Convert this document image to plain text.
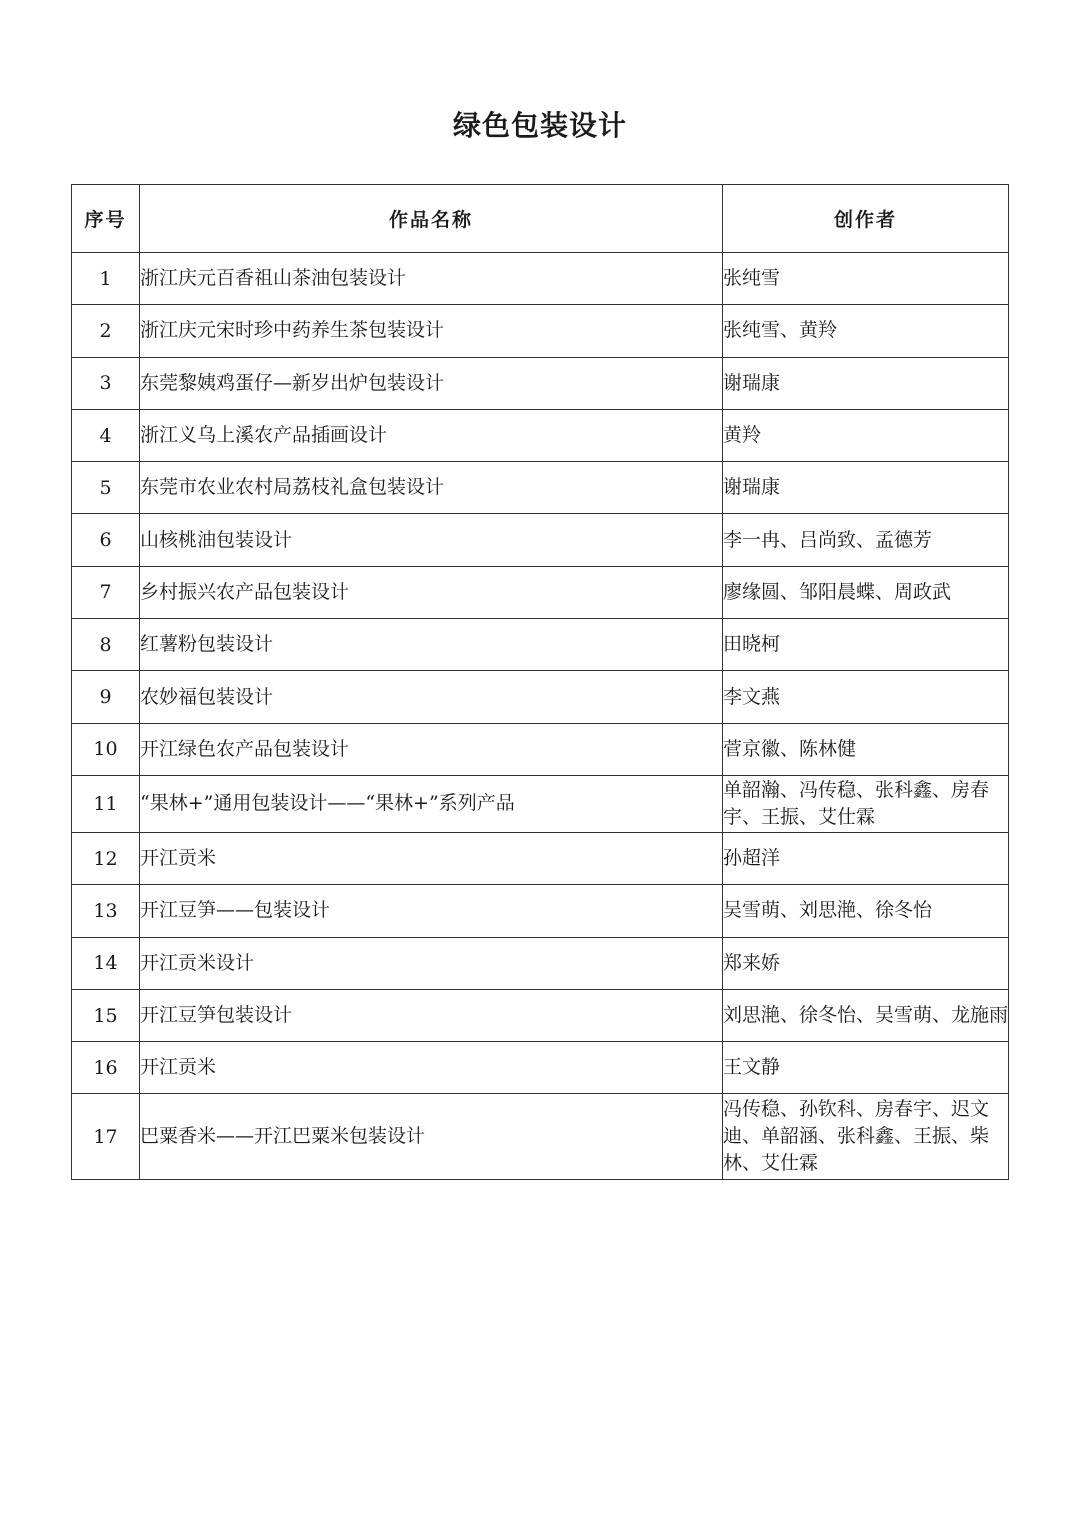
绿色包装设计
序号	作品名称	创作者
1	浙江庆元百香祖山茶油包装设计	张纯雪
2	浙江庆元宋时珍中药养生茶包装设计	张纯雪、黄羚
3	东莞黎姨鸡蛋仔—新岁出炉包装设计	谢瑞康
4	浙江义乌上溪农产品插画设计	黄羚
5	东莞市农业农村局荔枝礼盒包装设计	谢瑞康
6	山核桃油包装设计	李一冉、吕尚致、孟德芳
7	乡村振兴农产品包装设计	廖缘圆、邹阳晨蝶、周政武
8	红薯粉包装设计	田晓柯
9	农妙福包装设计	李文燕
10	开江绿色农产品包装设计	菅京徽、陈林健
11	“果林+”通用包装设计——“果林+”系列产品	单韶瀚、冯传稳、张科鑫、房春宇、王振、艾仕霖
12	开江贡米	孙超洋
13	开江豆笋——包装设计	吴雪萌、刘思滟、徐冬怡
14	开江贡米设计	郑来娇
15	开江豆笋包装设计	刘思滟、徐冬怡、吴雪萌、龙施雨
16	开江贡米	王文静
17	巴粟香米——开江巴粟米包装设计	冯传稳、孙钦科、房春宇、迟文迪、单韶涵、张科鑫、王振、柴林、艾仕霖
